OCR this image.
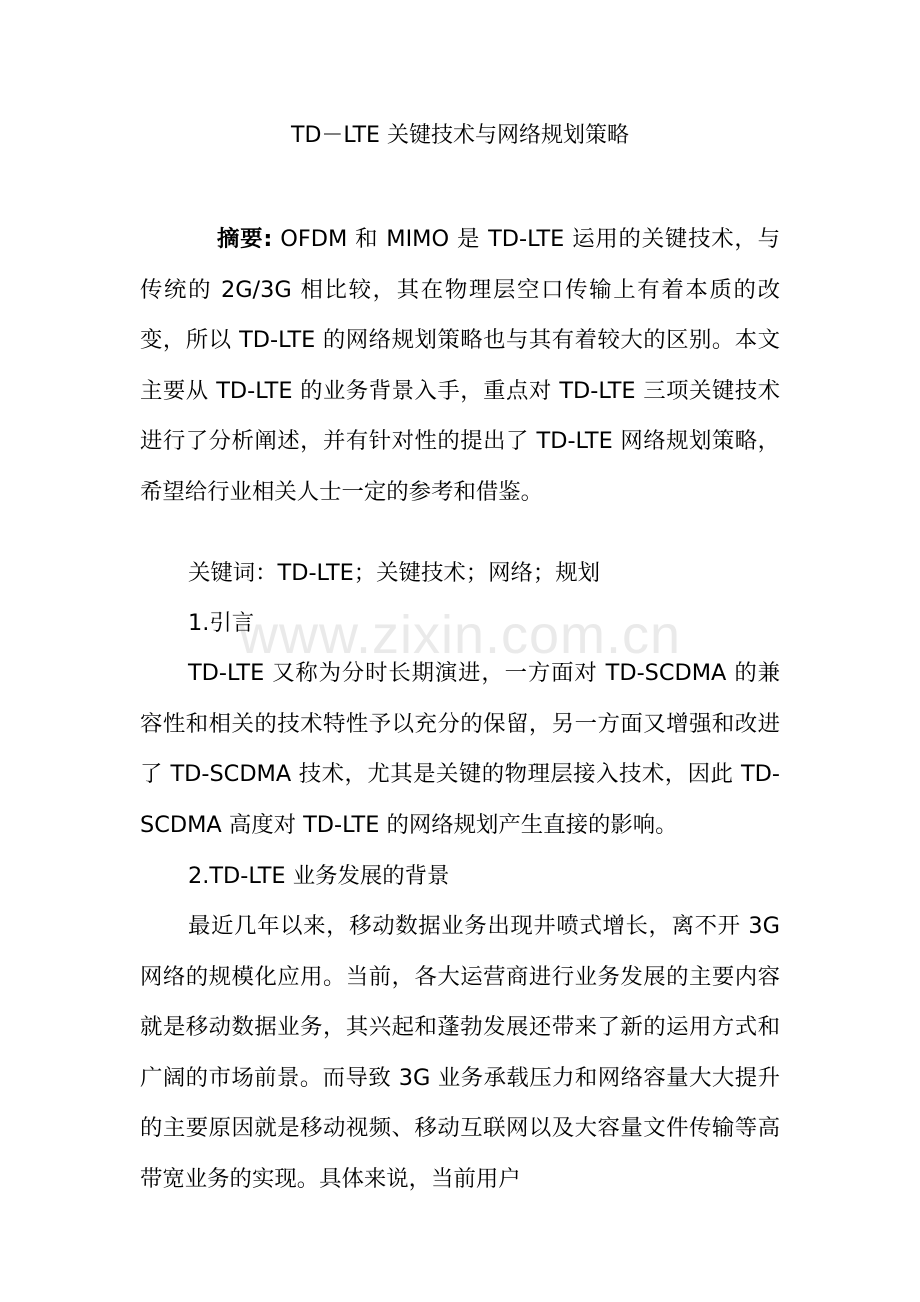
www.zixin.com.cn
TD－LTE 关键技术与网络规划策略
摘要: OFDM 和 MIMO 是 TD-LTE 运用的关键技术，与传统的 2G/3G 相比较，其在物理层空口传输上有着本质的改变，所以 TD-LTE 的网络规划策略也与其有着较大的区别。本文主要从 TD-LTE 的业务背景入手，重点对 TD-LTE 三项关键技术进行了分析阐述，并有针对性的提出了 TD-LTE 网络规划策略，希望给行业相关人士一定的参考和借鉴。
关键词：TD-LTE；关键技术；网络；规划
1.引言
TD-LTE 又称为分时长期演进，一方面对 TD-SCDMA 的兼容性和相关的技术特性予以充分的保留，另一方面又增强和改进了 TD-SCDMA 技术，尤其是关键的物理层接入技术，因此 TD-SCDMA 高度对 TD-LTE 的网络规划产生直接的影响。
2.TD-LTE 业务发展的背景
最近几年以来，移动数据业务出现井喷式增长，离不开 3G 网络的规模化应用。当前，各大运营商进行业务发展的主要内容就是移动数据业务，其兴起和蓬勃发展还带来了新的运用方式和广阔的市场前景。而导致 3G 业务承载压力和网络容量大大提升的主要原因就是移动视频、移动互联网以及大容量文件传输等高带宽业务的实现。具体来说，当前用户
